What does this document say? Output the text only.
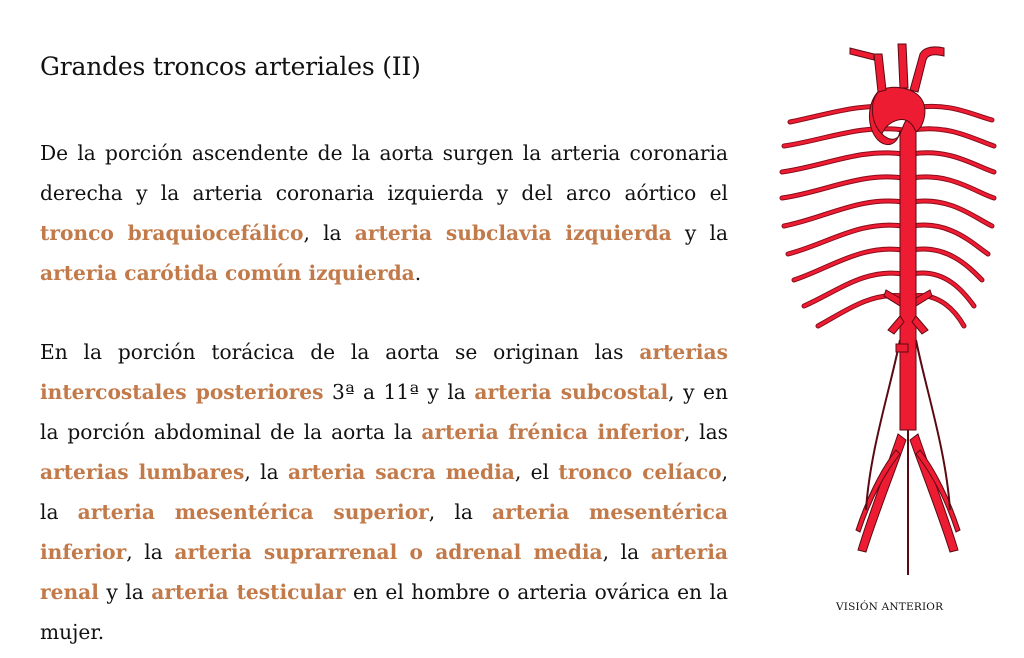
Grandes troncos arteriales (II)

De la porción ascendente de la aorta surgen la arteria coronaria derecha y la arteria coronaria izquierda y del arco aórtico el tronco braquiocefálico, la arteria subclavia izquierda y la arteria carótida común izquierda.

En la porción torácica de la aorta se originan las arterias intercostales posteriores 3ª a 11ª y la arteria subcostal, y en la porción abdominal de la aorta la arteria frénica inferior, las arterias lumbares, la arteria sacra media, el tronco celíaco, la arteria mesentérica superior, la arteria mesentérica inferior, la arteria suprarrenal o adrenal media, la arteria renal y la arteria testicular en el hombre o arteria ovárica en la mujer.

VISIÓN ANTERIOR
